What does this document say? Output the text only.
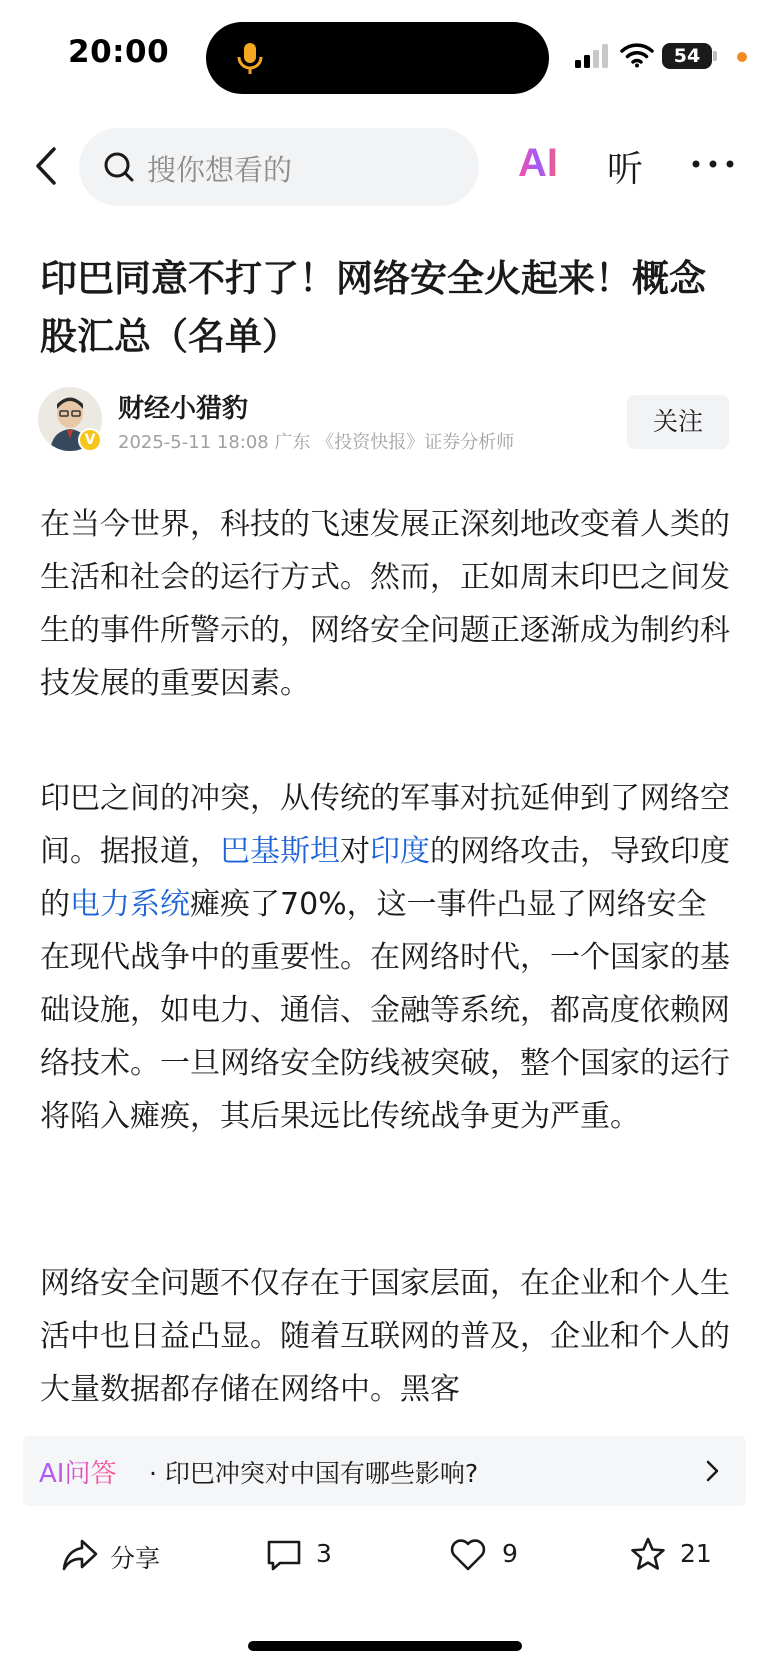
20:00	54
搜你想看的	AI 听
印巴同意不打了！网络安全火起来！概念股汇总（名单）
V
财经小猎豹
2025-5-11 18:08 广东 《投资快报》证券分析师
关注

在当今世界，科技的飞速发展正深刻地改变着人类的生活和社会的运行方式。然而，正如周末印巴之间发生的事件所警示的，网络安全问题正逐渐成为制约科技发展的重要因素。

印巴之间的冲突，从传统的军事对抗延伸到了网络空间。据报道，巴基斯坦对印度的网络攻击，导致印度的电力系统瘫痪了70%，这一事件凸显了网络安全在现代战争中的重要性。在网络时代，一个国家的基础设施，如电力、通信、金融等系统，都高度依赖网络技术。一旦网络安全防线被突破，整个国家的运行将陷入瘫痪，其后果远比传统战争更为严重。

网络安全问题不仅存在于国家层面，在企业和个人生活中也日益凸显。随着互联网的普及，企业和个人的大量数据都存储在网络中。黑客

AI问答 · 印巴冲突对中国有哪些影响?
分享	3	9	21
